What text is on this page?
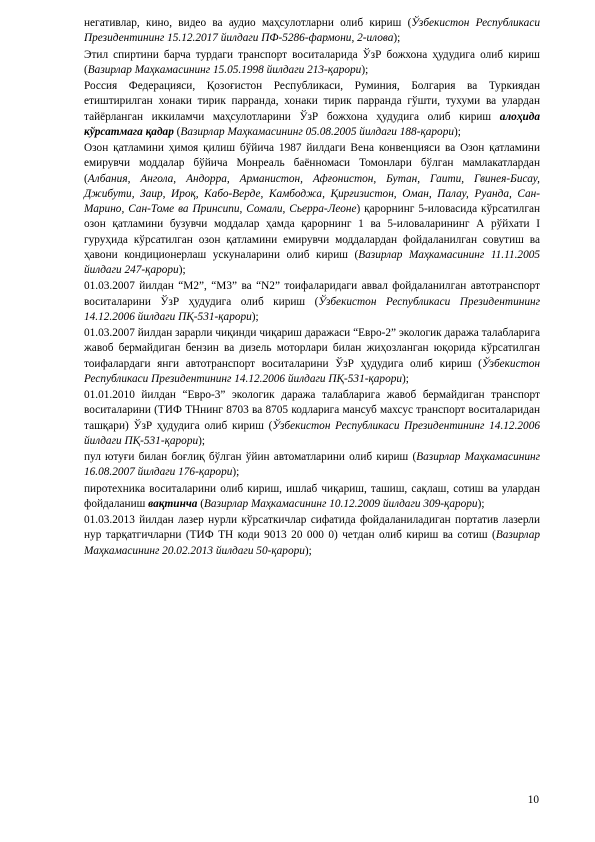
негативлар, кино, видео ва аудио маҳсулотларни олиб кириш (Ўзбекистон Республикаси Президентининг 15.12.2017 йилдаги ПФ-5286-фармони, 2-илова);

Этил спиртини барча турдаги транспорт воситаларида ЎзР божхона ҳудудига олиб кириш (Вазирлар Маҳкамасининг 15.05.1998 йилдаги 213-қарори);

Россия Федерацияси, Қозоғистон Республикаси, Руминия, Болгария ва Туркиядан етиштирилган хонаки тирик парранда, хонаки тирик парранда гўшти, тухуми ва улардан тайёрланган иккиламчи маҳсулотларини ЎзР божхона ҳудудига олиб кириш алоҳида кўрсатмага қадар (Вазирлар Маҳкамасининг 05.08.2005 йилдаги 188-қарори);

Озон қатламини ҳимоя қилиш бўйича 1987 йилдаги Вена конвенцияси ва Озон қатламини емирувчи моддалар бўйича Монреаль баённомаси Томонлари бўлган мамлакатлардан (Албания, Ангола, Андорра, Арманистон, Афғонистон, Бутан, Гаити, Гвинея-Бисау, Джибути, Заир, Ироқ, Кабо-Верде, Камбоджа, Қирғизистон, Оман, Палау, Руанда, Сан-Марино, Сан-Томе ва Принсипи, Сомали, Сьерра-Леоне) қарорнинг 5-иловасида кўрсатилган озон қатламини бузувчи моддалар ҳамда қарорнинг 1 ва 5-иловаларининг А рўйхати I гуруҳида кўрсатилган озон қатламини емирувчи моддалардан фойдаланилган совутиш ва ҳавони кондиционерлаш ускуналарини олиб кириш (Вазирлар Маҳкамасининг 11.11.2005 йилдаги 247-қарори);

01.03.2007 йилдан “М2”, “М3” ва “N2” тоифаларидаги аввал фойдаланилган автотранспорт воситаларини ЎзР ҳудудига олиб кириш (Ўзбекистон Республикаси Президентининг 14.12.2006 йилдаги ПҚ-531-қарори);

01.03.2007 йилдан зарарли чиқинди чиқариш даражаси “Евро-2” экологик даража талабларига жавоб бермайдиган бензин ва дизель моторлари билан жиҳозланган юқорида кўрсатилган тоифалардаги янги автотранспорт воситаларини ЎзР ҳудудига олиб кириш (Ўзбекистон Республикаси Президентининг 14.12.2006 йилдаги ПҚ-531-қарори);

01.01.2010 йилдан “Евро-3” экологик даража талабларига жавоб бермайдиган транспорт воситаларини (ТИФ ТНнинг 8703 ва 8705 кодларига мансуб махсус транспорт воситаларидан ташқари) ЎзР ҳудудига олиб кириш (Ўзбекистон Республикаси Президентининг 14.12.2006 йилдаги ПҚ-531-қарори);

пул ютуғи билан боғлиқ бўлган ўйин автоматларини олиб кириш (Вазирлар Маҳкамасининг 16.08.2007 йилдаги 176-қарори);

пиротехника воситаларини олиб кириш, ишлаб чиқариш, ташиш, сақлаш, сотиш ва улардан фойдаланиш вақтинча (Вазирлар Маҳкамасининг 10.12.2009 йилдаги 309-қарори);

01.03.2013 йилдан лазер нурли кўрсаткичлар сифатида фойдаланиладиган портатив лазерли нур тарқатгичларни (ТИФ ТН коди 9013 20 000 0) четдан олиб кириш ва сотиш (Вазирлар Маҳкамасининг 20.02.2013 йилдаги 50-қарори);

10
